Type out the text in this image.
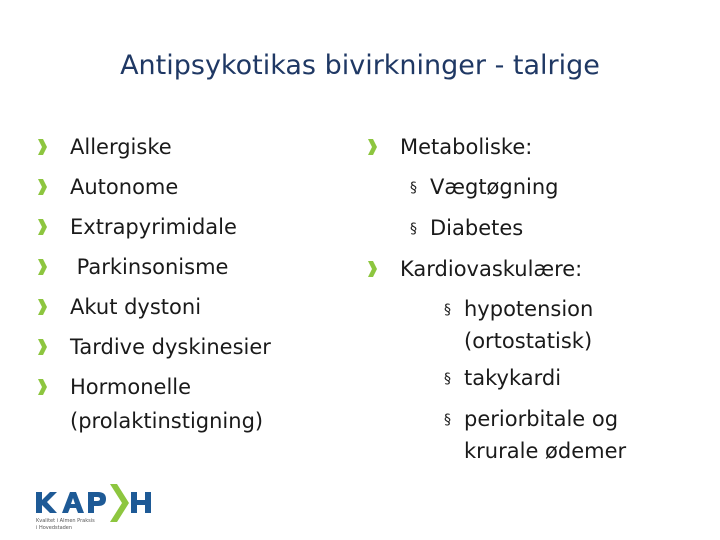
Antipsykotikas bivirkninger - talrige
Allergiske
Autonome
Extrapyrimidale
Parkinsonisme
Akut dystoni
Tardive dyskinesier
Hormonelle
(prolaktinstigning)
Metaboliske:
§ Vægtøgning
§ Diabetes
Kardiovaskulære:
§ hypotension
(ortostatisk)
§ takykardi
§ periorbitale og
krurale ødemer
Kvalitet i Almen Praksis
i Hovedstaden
